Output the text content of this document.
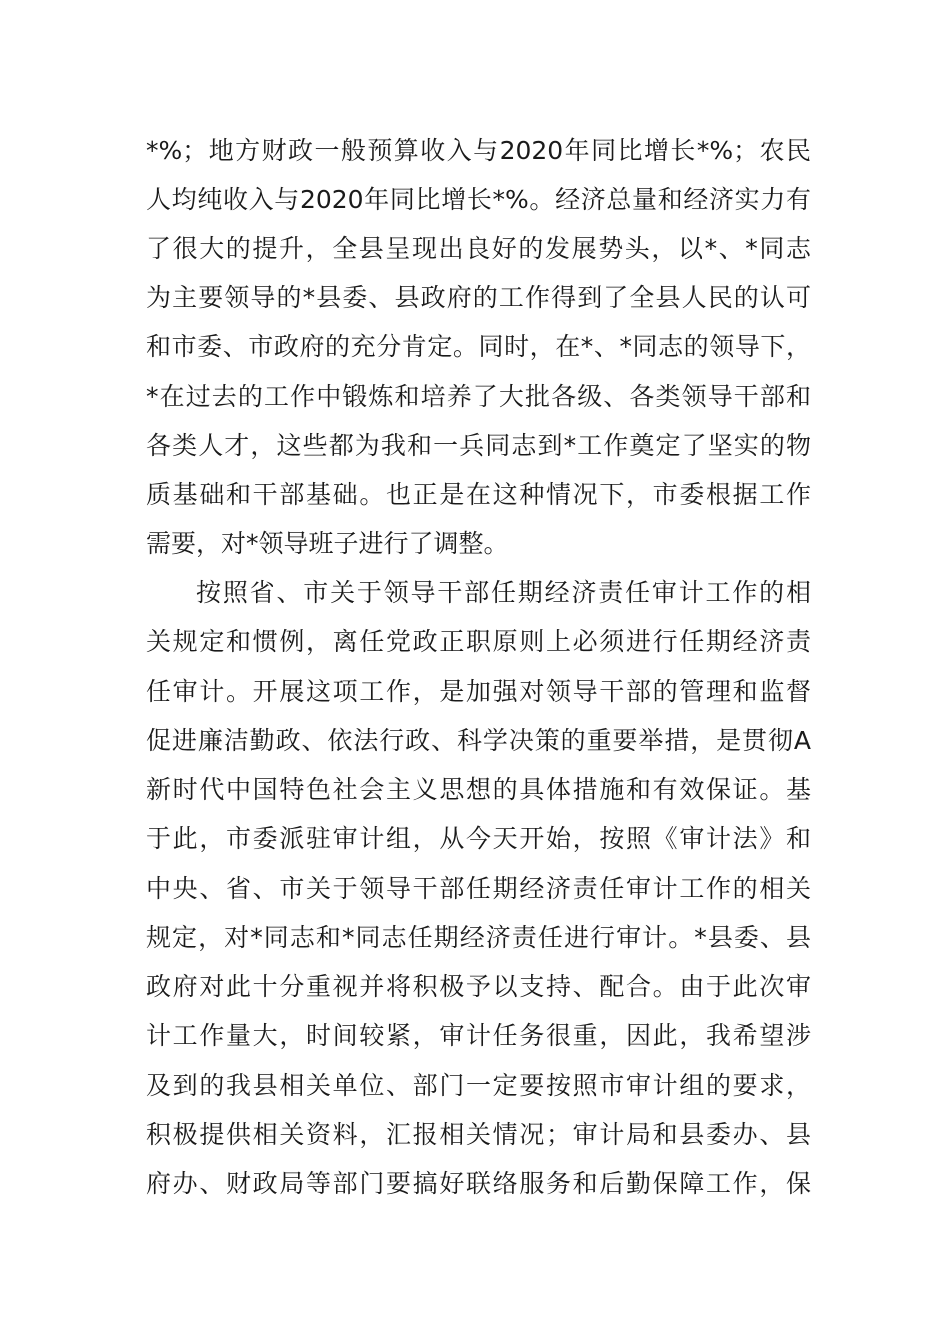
*%；地方财政一般预算收入与2020年同比增长*%；农民
人均纯收入与2020年同比增长*%。经济总量和经济实力有
了很大的提升，全县呈现出良好的发展势头，以*、*同志
为主要领导的*县委、县政府的工作得到了全县人民的认可
和市委、市政府的充分肯定。同时，在*、*同志的领导下，
*在过去的工作中锻炼和培养了大批各级、各类领导干部和
各类人才，这些都为我和一兵同志到*工作奠定了坚实的物
质基础和干部基础。也正是在这种情况下，市委根据工作
需要，对*领导班子进行了调整。
按照省、市关于领导干部任期经济责任审计工作的相
关规定和惯例，离任党政正职原则上必须进行任期经济责
任审计。开展这项工作，是加强对领导干部的管理和监督
促进廉洁勤政、依法行政、科学决策的重要举措，是贯彻A
新时代中国特色社会主义思想的具体措施和有效保证。基
于此，市委派驻审计组，从今天开始，按照《审计法》和
中央、省、市关于领导干部任期经济责任审计工作的相关
规定，对*同志和*同志任期经济责任进行审计。*县委、县
政府对此十分重视并将积极予以支持、配合。由于此次审
计工作量大，时间较紧，审计任务很重，因此，我希望涉
及到的我县相关单位、部门一定要按照市审计组的要求，
积极提供相关资料，汇报相关情况；审计局和县委办、县
府办、财政局等部门要搞好联络服务和后勤保障工作，保
